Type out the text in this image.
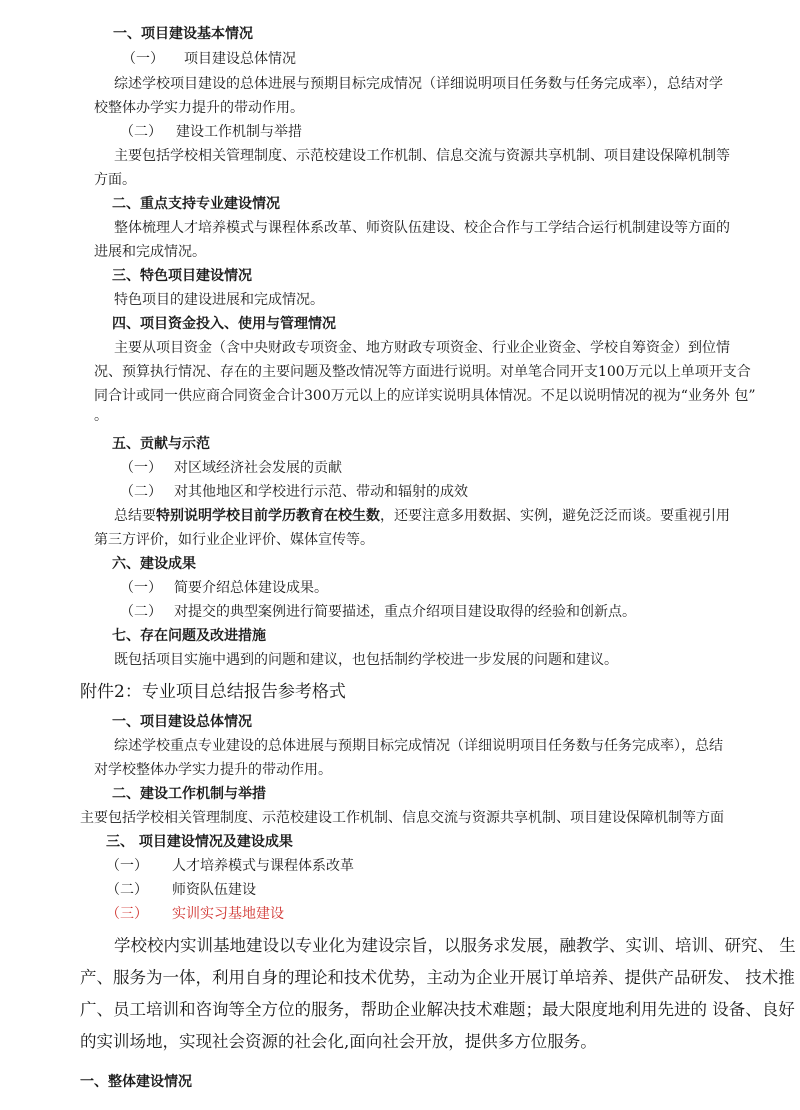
一、项目建设基本情况
（一） 项目建设总体情况
综述学校项目建设的总体进展与预期目标完成情况（详细说明项目任务数与任务完成率），总结对学
校整体办学实力提升的带动作用。
（二） 建设工作机制与举措
主要包括学校相关管理制度、示范校建设工作机制、信息交流与资源共享机制、项目建设保障机制等
方面。
二、重点支持专业建设情况
整体梳理人才培养模式与课程体系改革、师资队伍建设、校企合作与工学结合运行机制建设等方面的
进展和完成情况。
三、特色项目建设情况
特色项目的建设进展和完成情况。
四、项目资金投入、使用与管理情况
主要从项目资金（含中央财政专项资金、地方财政专项资金、行业企业资金、学校自筹资金）到位情
况、预算执行情况、存在的主要问题及整改情况等方面进行说明。对单笔合同开支100万元以上单项开支合
同合计或同一供应商合同资金合计300万元以上的应详实说明具体情况。不足以说明情况的视为“业务外 包”
。
五、贡献与示范
（一） 对区域经济社会发展的贡献
（二） 对其他地区和学校进行示范、带动和辐射的成效
总结要特别说明学校目前学历教育在校生数，还要注意多用数据、实例，避免泛泛而谈。要重视引用
第三方评价，如行业企业评价、媒体宣传等。
六、建设成果
（一） 简要介绍总体建设成果。
（二） 对提交的典型案例进行简要描述，重点介绍项目建设取得的经验和创新点。
七、存在问题及改进措施
既包括项目实施中遇到的问题和建议，也包括制约学校进一步发展的问题和建议。
附件2：专业项目总结报告参考格式
一、项目建设总体情况
综述学校重点专业建设的总体进展与预期目标完成情况（详细说明项目任务数与任务完成率），总结
对学校整体办学实力提升的带动作用。
二、建设工作机制与举措
主要包括学校相关管理制度、示范校建设工作机制、信息交流与资源共享机制、项目建设保障机制等方面
三、 项目建设情况及建设成果
（一） 人才培养模式与课程体系改革
（二） 师资队伍建设
（三） 实训实习基地建设
学校校内实训基地建设以专业化为建设宗旨，以服务求发展，融教学、实训、培训、研究、 生
产、服务为一体，利用自身的理论和技术优势，主动为企业开展订单培养、提供产品研发、 技术推
广、员工培训和咨询等全方位的服务，帮助企业解决技术难题；最大限度地利用先进的 设备、良好
的实训场地，实现社会资源的社会化,面向社会开放，提供多方位服务。
一、整体建设情况
